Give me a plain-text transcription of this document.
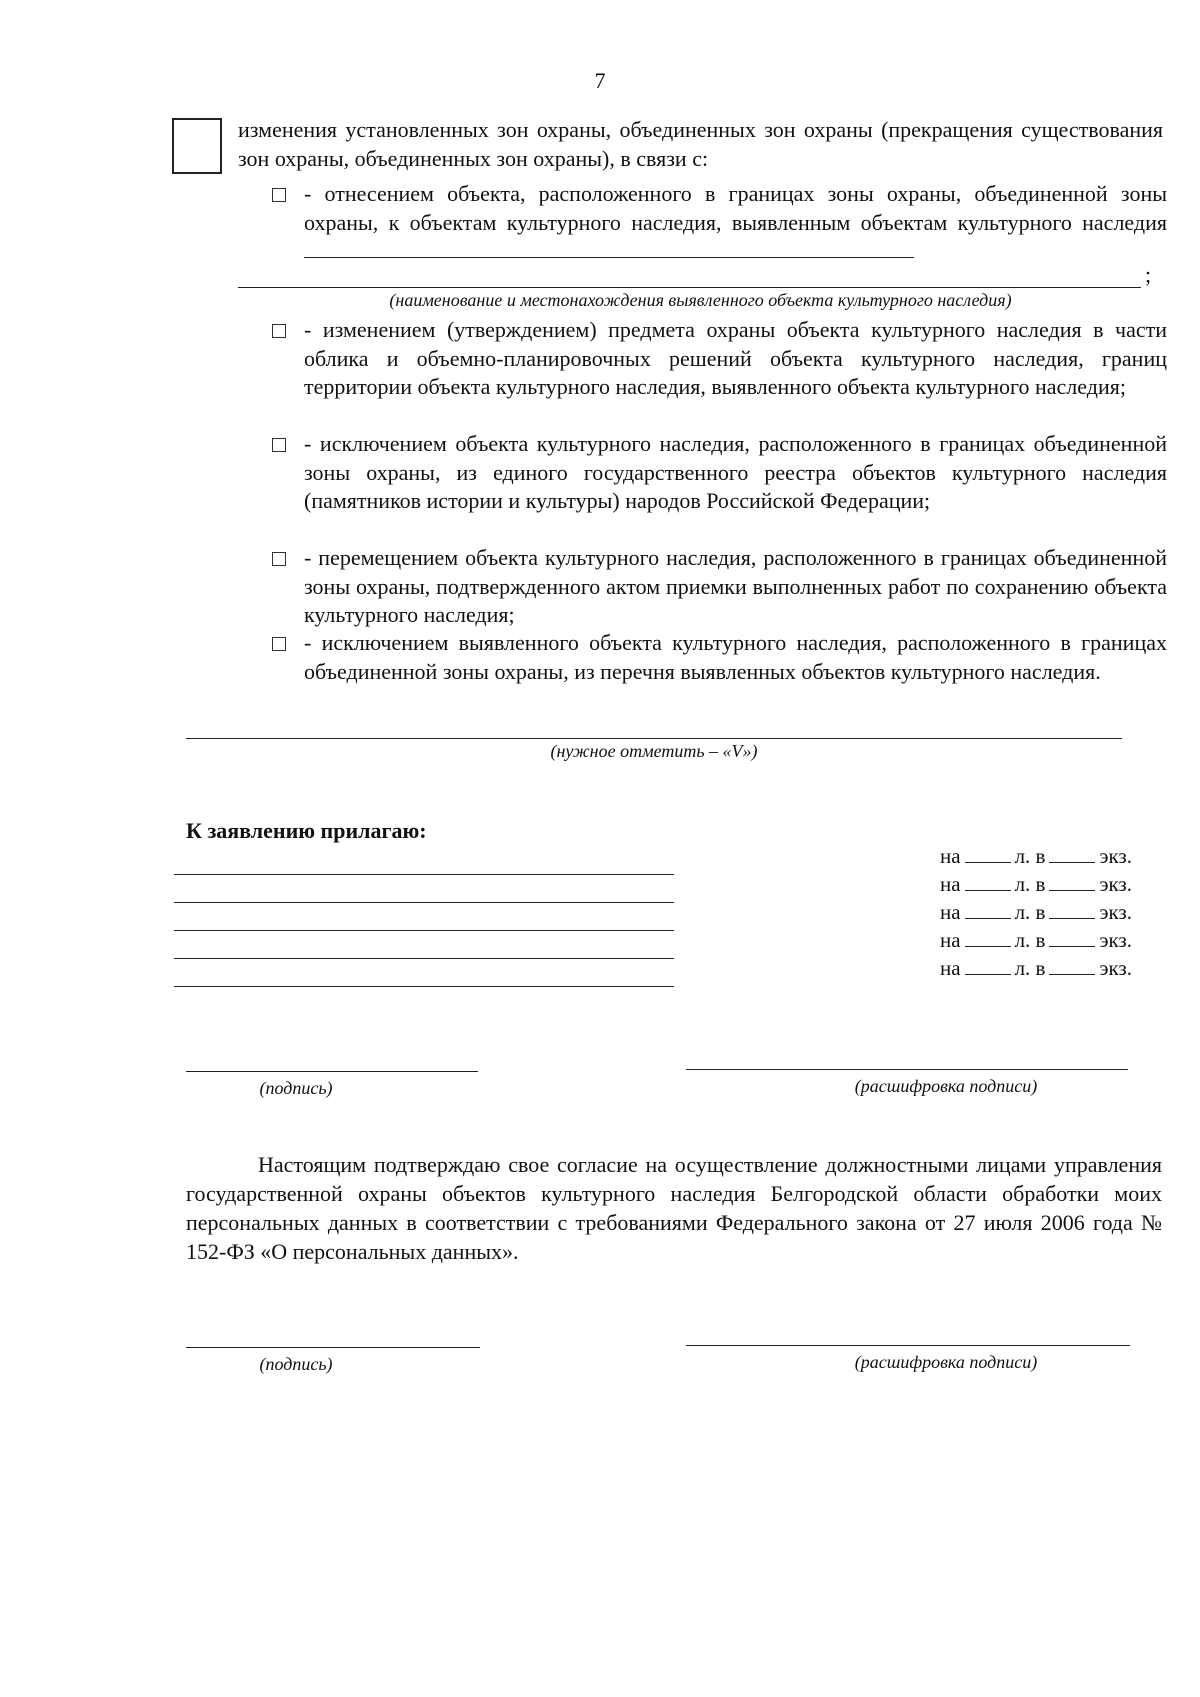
7
изменения установленных зон охраны, объединенных зон охраны (прекращения существования зон охраны, объединенных зон охраны), в связи с:
- отнесением объекта, расположенного в границах зоны охраны, объединенной зоны охраны, к объектам культурного наследия, выявленным объектам культурного наследия
;
(наименование и местонахождения выявленного объекта культурного наследия)
- изменением (утверждением) предмета охраны объекта культурного наследия в части облика и объемно-планировочных решений объекта культурного наследия, границ территории объекта культурного наследия, выявленного объекта культурного наследия;
- исключением объекта культурного наследия, расположенного в границах объединенной зоны охраны, из единого государственного реестра объектов культурного наследия (памятников истории и культуры) народов Российской Федерации;
- перемещением объекта культурного наследия, расположенного в границах объединенной зоны охраны, подтвержденного актом приемки выполненных работ по сохранению объекта культурного наследия;
- исключением выявленного объекта культурного наследия, расположенного в границах объединенной зоны охраны, из перечня выявленных объектов культурного наследия.
(нужное отметить – «V»)
К заявлению прилагаю:
на	л. в	экз.
на	л. в	экз.
на	л. в	экз.
на	л. в	экз.
на	л. в	экз.
(подпись)	(расшифровка подписи)
Настоящим подтверждаю свое согласие на осуществление должностными лицами управления государственной охраны объектов культурного наследия Белгородской области обработки моих персональных данных в соответствии с требованиями Федерального закона от 27 июля 2006 года № 152-ФЗ «О персональных данных».
(подпись)	(расшифровка подписи)
